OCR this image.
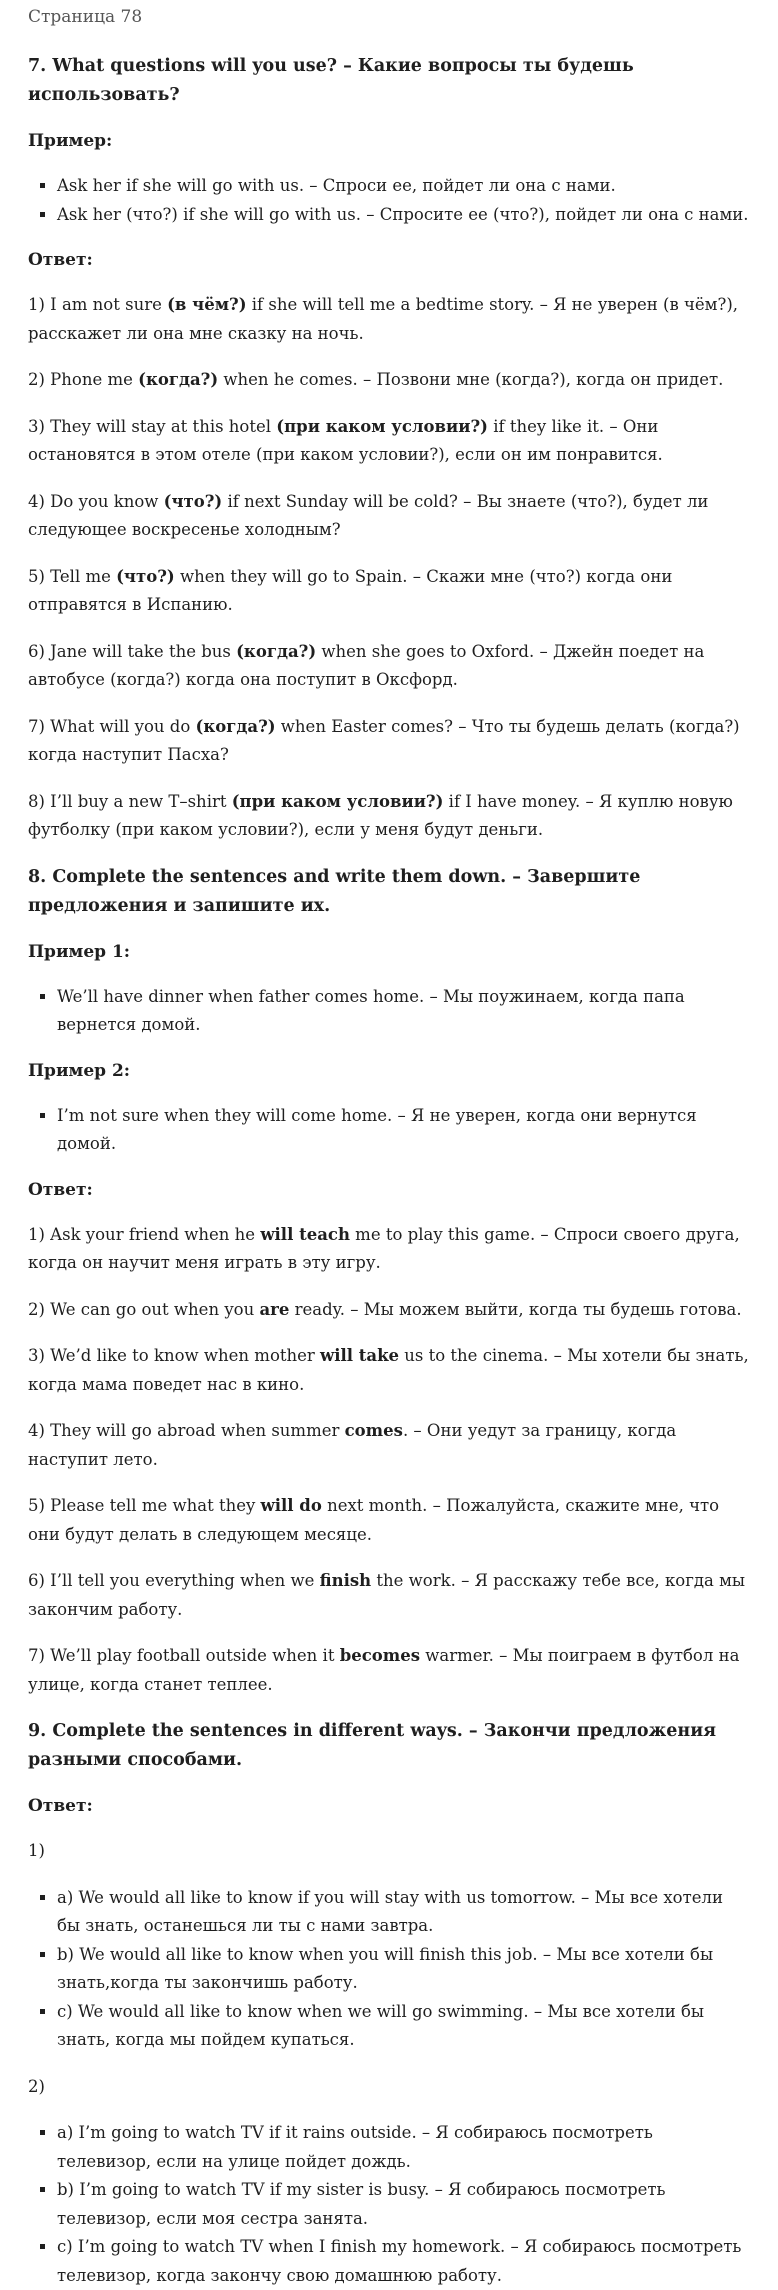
Страница 78
7. What questions will you use? – Какие вопросы ты будешь использовать?
Пример:
▪ Ask her if she will go with us. – Спроси ее, пойдет ли она с нами.
▪ Ask her (что?) if she will go with us. – Спросите ее (что?), пойдет ли она с нами.
Ответ:
1) I am not sure (в чём?) if she will tell me a bedtime story. – Я не уверен (в чём?), расскажет ли она мне сказку на ночь.
2) Phone me (когда?) when he comes. – Позвони мне (когда?), когда он придет.
3) They will stay at this hotel (при каком условии?) if they like it. – Они остановятся в этом отеле (при каком условии?), если он им понравится.
4) Do you know (что?) if next Sunday will be cold? – Вы знаете (что?), будет ли следующее воскресенье холодным?
5) Tell me (что?) when they will go to Spain. – Скажи мне (что?) когда они отправятся в Испанию.
6) Jane will take the bus (когда?) when she goes to Oxford. – Джейн поедет на автобусе (когда?) когда она поступит в Оксфорд.
7) What will you do (когда?) when Easter comes? – Что ты будешь делать (когда?) когда наступит Пасха?
8) I’ll buy a new T–shirt (при каком условии?) if I have money. – Я куплю новую футболку (при каком условии?), если у меня будут деньги.
8. Complete the sentences and write them down. – Завершите предложения и запишите их.
Пример 1:
▪ We’ll have dinner when father comes home. – Мы поужинаем, когда папа вернется домой.
Пример 2:
▪ I’m not sure when they will come home. – Я не уверен, когда они вернутся домой.
Ответ:
1) Ask your friend when he will teach me to play this game. – Спроси своего друга, когда он научит меня играть в эту игру.
2) We can go out when you are ready. – Мы можем выйти, когда ты будешь готова.
3) We’d like to know when mother will take us to the cinema. – Мы хотели бы знать, когда мама поведет нас в кино.
4) They will go abroad when summer comes. – Они уедут за границу, когда наступит лето.
5) Please tell me what they will do next month. – Пожалуйста, скажите мне, что они будут делать в следующем месяце.
6) I’ll tell you everything when we finish the work. – Я расскажу тебе все, когда мы закончим работу.
7) We’ll play football outside when it becomes warmer. – Мы поиграем в футбол на улице, когда станет теплее.
9. Complete the sentences in different ways. – Закончи предложения разными способами.
Ответ:
1)
▪ a) We would all like to know if you will stay with us tomorrow. – Мы все хотели бы знать, останешься ли ты с нами завтра.
▪ b) We would all like to know when you will finish this job. – Мы все хотели бы знать,когда ты закончишь работу.
▪ c) We would all like to know when we will go swimming. – Мы все хотели бы знать, когда мы пойдем купаться.
2)
▪ a) I’m going to watch TV if it rains outside. – Я собираюсь посмотреть телевизор, если на улице пойдет дождь.
▪ b) I’m going to watch TV if my sister is busy. – Я собираюсь посмотреть телевизор, если моя сестра занята.
▪ c) I’m going to watch TV when I finish my homework. – Я собираюсь посмотреть телевизор, когда закончу свою домашнюю работу.
